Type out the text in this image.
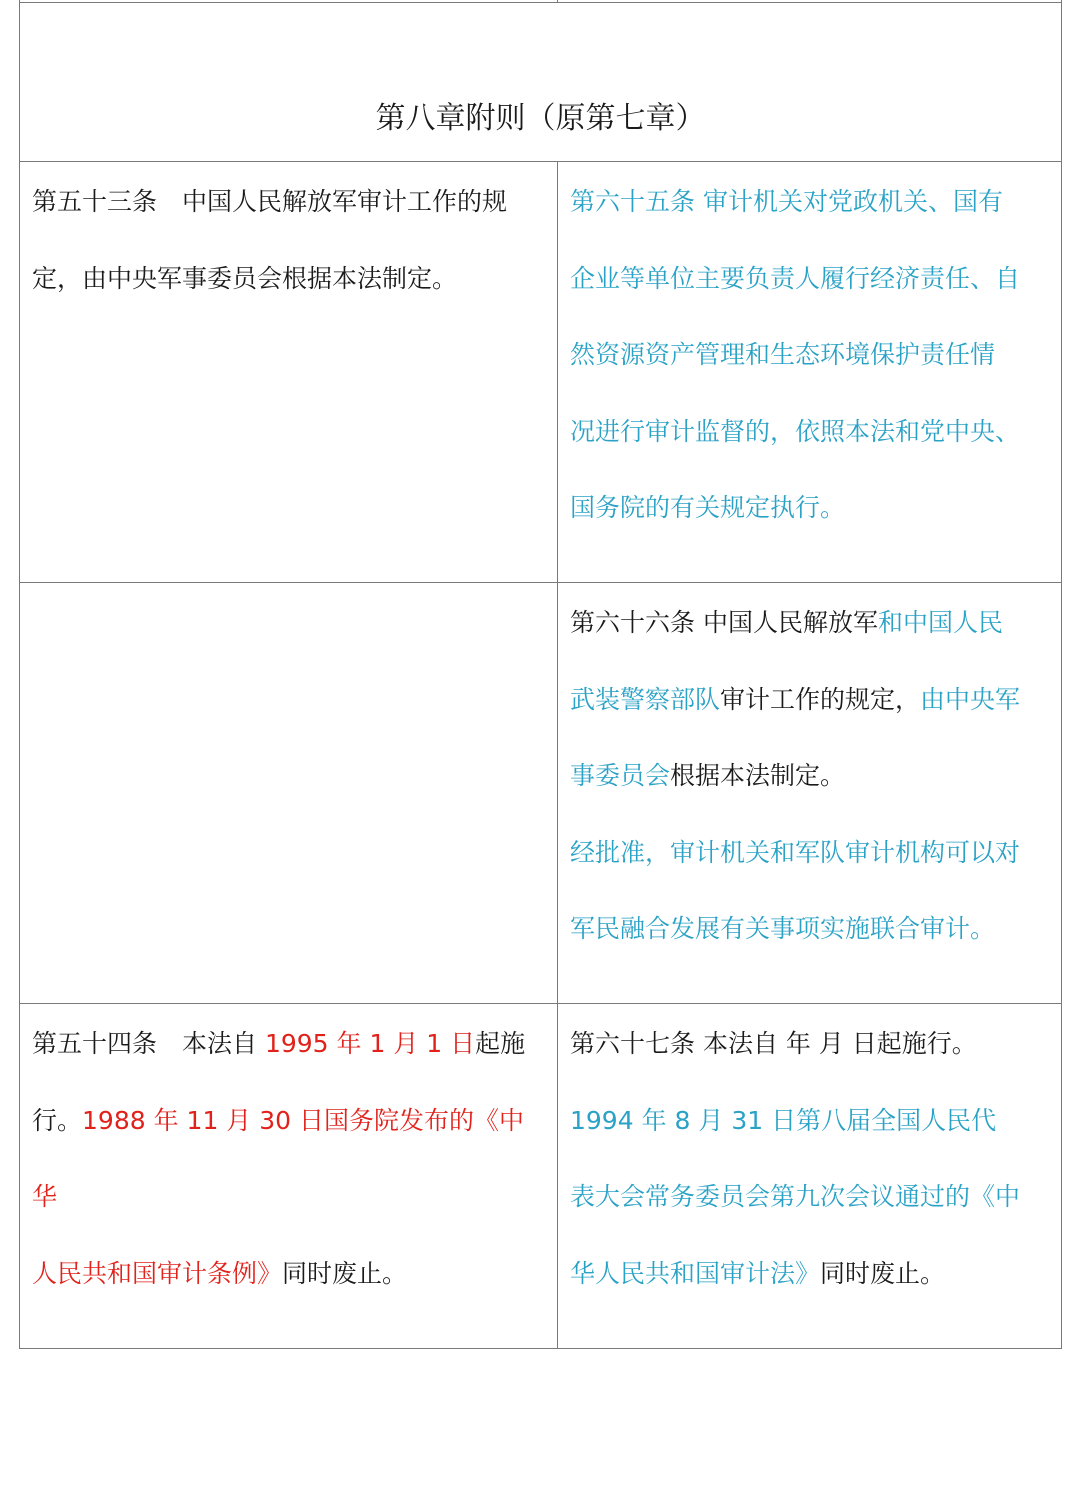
第八章附则（原第七章）
第五十三条　中国人民解放军审计工作的规
定，由中央军事委员会根据本法制定。
第六十五条 审计机关对党政机关、国有
企业等单位主要负责人履行经济责任、自
然资源资产管理和生态环境保护责任情
况进行审计监督的，依照本法和党中央、
国务院的有关规定执行。
第六十六条 中国人民解放军和中国人民
武装警察部队审计工作的规定，由中央军
事委员会根据本法制定。
经批准，审计机关和军队审计机构可以对
军民融合发展有关事项实施联合审计。
第五十四条　本法自 1995 年 1 月 1 日起施
行。1988 年 11 月 30 日国务院发布的《中华
人民共和国审计条例》同时废止。
第六十七条 本法自 年 月 日起施行。
1994 年 8 月 31 日第八届全国人民代
表大会常务委员会第九次会议通过的《中
华人民共和国审计法》同时废止。
